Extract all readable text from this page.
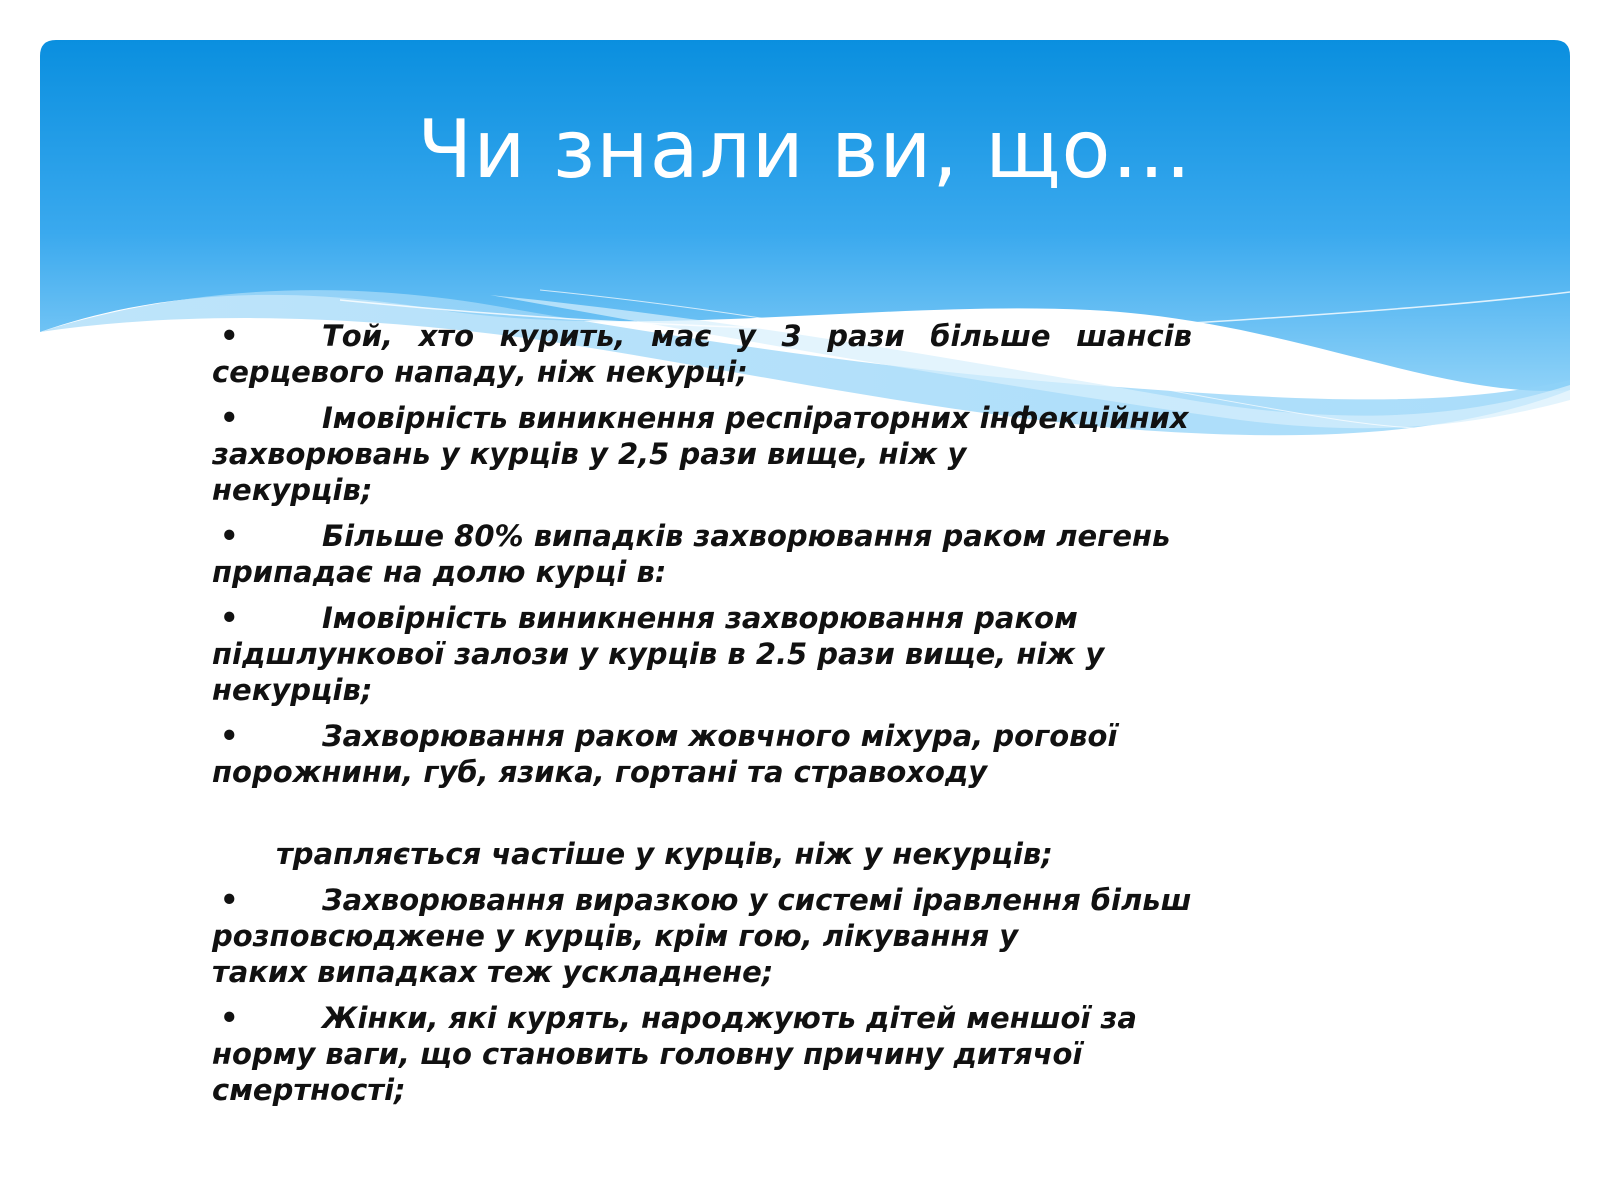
Чи знали ви, що…
•	Той, хто курить, має у 3 рази більше шансів
серцевого нападу, ніж некурці;
•	Імовірність виникнення респіраторних інфекційних
захворювань у курців у 2,5 рази вище, ніж у
некурців;
•	Більше 80% випадків захворювання раком легень
припадає на долю курці в:
•	Імовірність виникнення захворювання раком
підшлункової залози у курців в 2.5 рази вище, ніж у
некурців;
•	Захворювання раком жовчного міхура, рогової
порожнини, губ, язика, гортані та стравоходу
трапляється частіше у курців, ніж у некурців;
•	Захворювання виразкою у системі іравлення більш
розповсюджене у курців, крім гою, лікування у
таких випадках теж ускладнене;
•	Жінки, які курять, народжують дітей меншої за
норму ваги, що становить головну причину дитячої
смертності;
